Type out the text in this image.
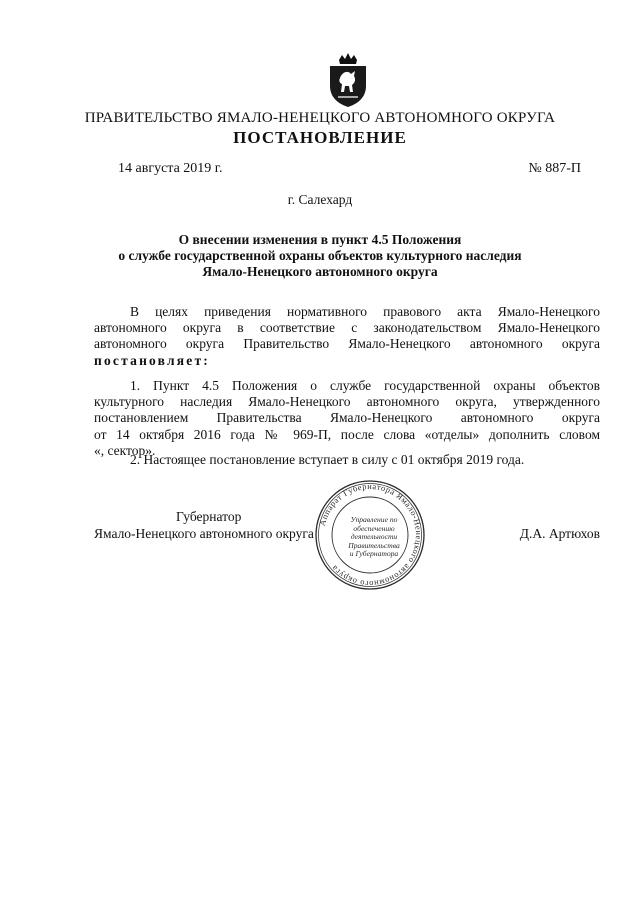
ПРАВИТЕЛЬСТВО ЯМАЛО-НЕНЕЦКОГО АВТОНОМНОГО ОКРУГА
ПОСТАНОВЛЕНИЕ
14 августа 2019 г.	№ 887-П
г. Салехард
О внесении изменения в пункт 4.5 Положения
о службе государственной охраны объектов культурного наследия
Ямало-Ненецкого автономного округа
В целях приведения нормативного правового акта Ямало-Ненецкого
автономного округа в соответствие с законодательством Ямало-Ненецкого
автономного округа Правительство Ямало-Ненецкого автономного округа
постановляет:
1. Пункт 4.5 Положения о службе государственной охраны объектов
культурного наследия Ямало-Ненецкого автономного округа, утвержденного
постановлением Правительства Ямало-Ненецкого автономного округа
от 14 октября 2016 года № 969-П, после слова «отделы» дополнить словом
«, сектор».
2. Настоящее постановление вступает в силу с 01 октября 2019 года.
Аппарат Губернатора Ямало-Ненецкого автономного округа
Управление по
обеспечению
деятельности
Правительства
и Губернатора
Губернатор
Ямало-Ненецкого автономного округа	Д.А. Артюхов
